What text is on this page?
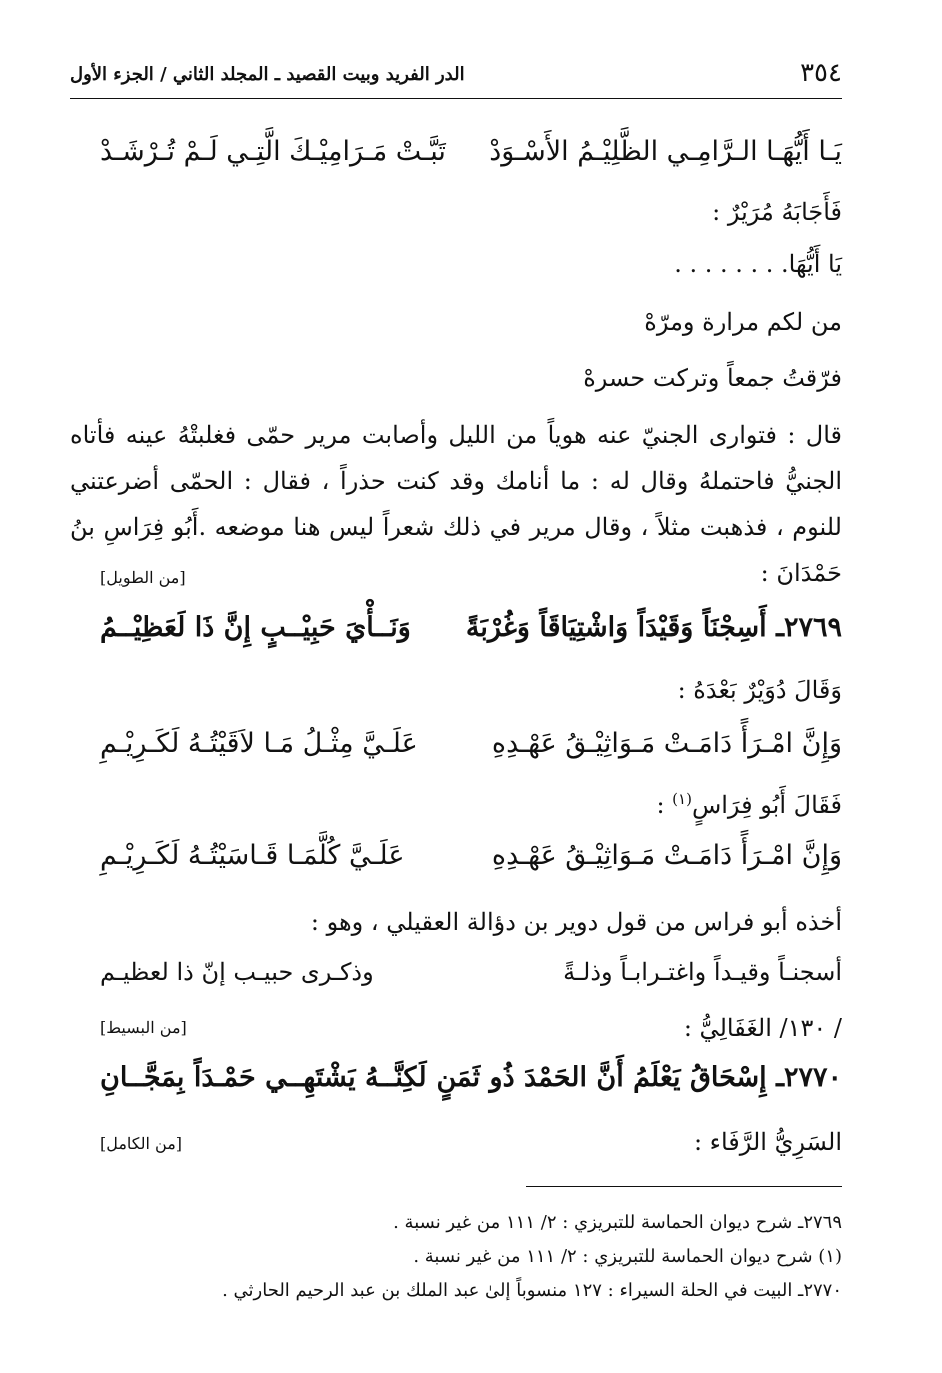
٣٥٤
الدر الفريد وبيت القصيد ـ المجلد الثاني / الجزء الأول
يَـا أَيُّهَـا الـرَّامِـي الظَّلِيْـمُ الأَسْـوَدْ
تَبَّـتْ مَـرَامِيْـكَ الَّتِـي لَـمْ تُـرْشَـدْ
فَأَجَابَهُ مُرَيْرٌ :
يَا أَيُّهَا. . . . . . . .
من لكم مرارة ومرّهْ
فرّقتُ جمعاً وتركت حسرهْ
قال : فتوارى الجنيّ عنه هوياً من الليل وأصابت مرير حمّى فغلبتْهُ عينه فأتاه الجنيُّ فاحتملهُ وقال له : ما أنامك وقد كنت حذراً ، فقال : الحمّى أضرعتني للنوم ، فذهبت مثلاً ، وقال مرير في ذلك شعراً ليس هنا موضعه .أَبُو فِرَاسِ بنُ حَمْدَانَ :
[من الطويل]
٢٧٦٩ـ أَسِجْنَاً وَقَيْدَاً وَاشْتِيَاقَاً وَغُرْبَةً
وَنَــأْيَ حَبِيْــبٍ إِنَّ ذَا لَعَظِيْــمُ
وَقَالَ دُوَيْرٌ بَعْدَهُ :
وَإِنَّ امْـرَأً دَامَـتْ مَـوَاثِيْـقُ عَهْـدِهِ
عَلَـيَّ مِثْـلُ مَـا لاَقَيْتُـهُ لَكَـرِيْـمِ
فَقَالَ أَبُو فِرَاسٍ$^{(١)}$ :
وَإِنَّ امْـرَأً دَامَـتْ مَـوَاثِيْـقُ عَهْـدِهِ
عَلَـيَّ كُلَّمَـا قَـاسَيْتُـهُ لَكَـرِيْـمِ
أخذه أبو فراس من قول دوير بن دؤالة العقيلي ، وهو :
أسجنـاً وقيـداً واغتـرابـاً وذلـةً
وذكـرى حبيـب إنّ ذا لعظيـم
/ ١٣٠/ الغَفَالِيُّ :
[من البسيط]
٢٧٧٠ـ إِسْحَاقُ يَعْلَمُ أَنَّ الحَمْدَ ذُو ثَمَنٍ
لَكِنَّــهُ يَشْتَهِــي حَمْـدَاً بِمَجَّــانِ
السَرِيُّ الرَّفَاء :
[من الكامل]
٢٧٦٩ـ شرح ديوان الحماسة للتبريزي : ٢/ ١١١ من غير نسبة .
(١) شرح ديوان الحماسة للتبريزي : ٢/ ١١١ من غير نسبة .
٢٧٧٠ـ البيت في الحلة السيراء : ١٢٧ منسوباً إلىٰ عبد الملك بن عبد الرحيم الحارثي .
